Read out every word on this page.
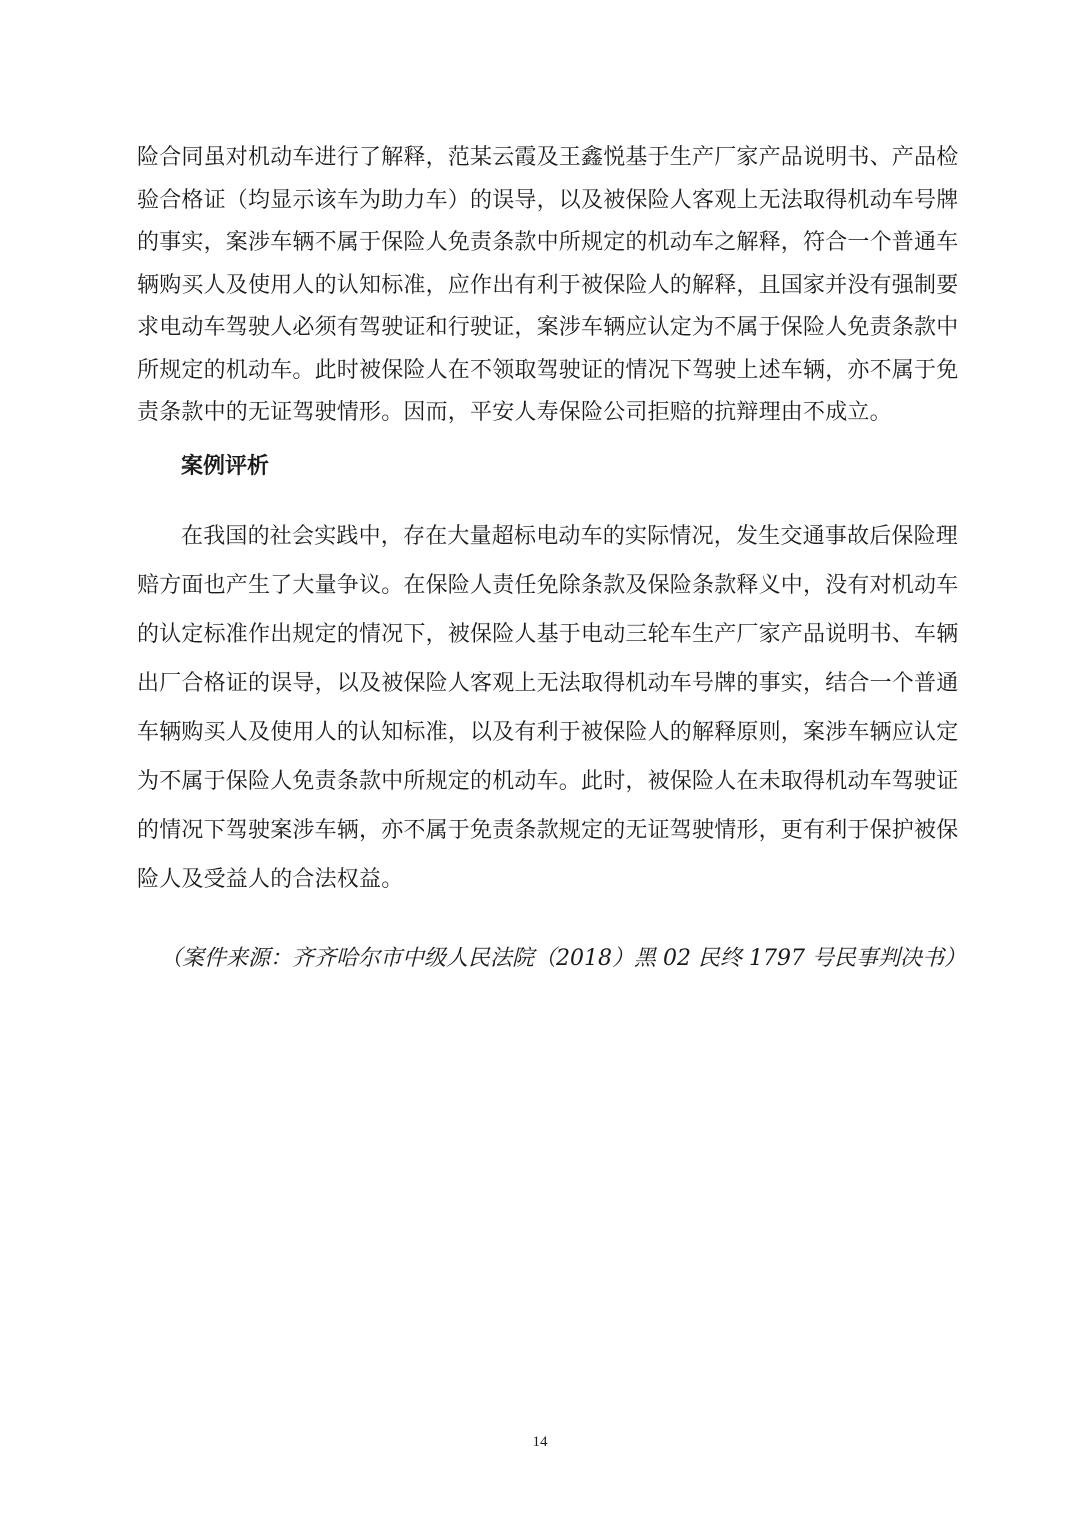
险合同虽对机动车进行了解释，范某云霞及王鑫悦基于生产厂家产品说明书、产品检
验合格证（均显示该车为助力车）的误导，以及被保险人客观上无法取得机动车号牌
的事实，案涉车辆不属于保险人免责条款中所规定的机动车之解释，符合一个普通车
辆购买人及使用人的认知标准，应作出有利于被保险人的解释，且国家并没有强制要
求电动车驾驶人必须有驾驶证和行驶证，案涉车辆应认定为不属于保险人免责条款中
所规定的机动车。此时被保险人在不领取驾驶证的情况下驾驶上述车辆，亦不属于免
责条款中的无证驾驶情形。因而，平安人寿保险公司拒赔的抗辩理由不成立。
案例评析
在我国的社会实践中，存在大量超标电动车的实际情况，发生交通事故后保险理
赔方面也产生了大量争议。在保险人责任免除条款及保险条款释义中，没有对机动车
的认定标准作出规定的情况下，被保险人基于电动三轮车生产厂家产品说明书、车辆
出厂合格证的误导，以及被保险人客观上无法取得机动车号牌的事实，结合一个普通
车辆购买人及使用人的认知标准，以及有利于被保险人的解释原则，案涉车辆应认定
为不属于保险人免责条款中所规定的机动车。此时，被保险人在未取得机动车驾驶证
的情况下驾驶案涉车辆，亦不属于免责条款规定的无证驾驶情形，更有利于保护被保
险人及受益人的合法权益。
（案件来源：齐齐哈尔市中级人民法院（2018）黑 02 民终 1797 号民事判决书）
14
